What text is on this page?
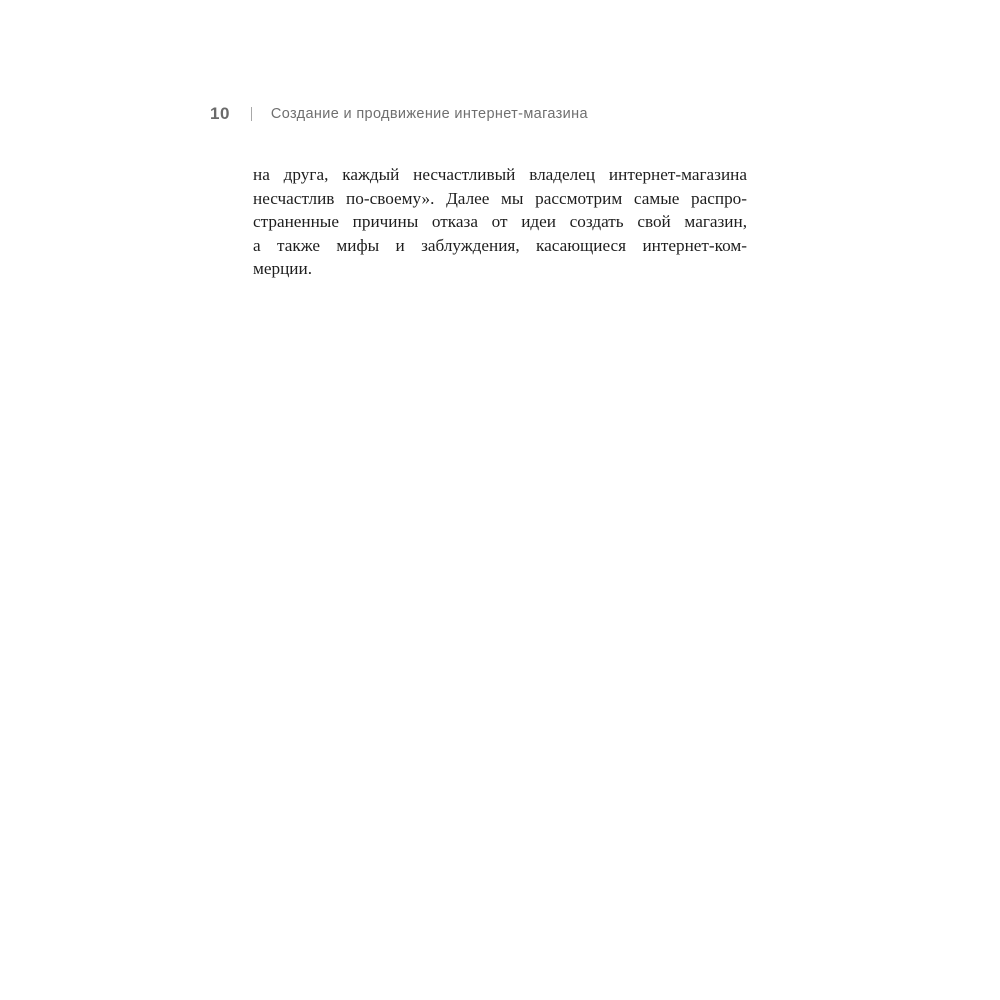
10	Создание и продвижение интернет-магазина
на друга, каждый несчастливый владелец интернет-магазина
несчастлив по-своему». Далее мы рассмотрим самые распро-
страненные причины отказа от идеи создать свой магазин,
а также мифы и заблуждения, касающиеся интернет-ком-
мерции.
